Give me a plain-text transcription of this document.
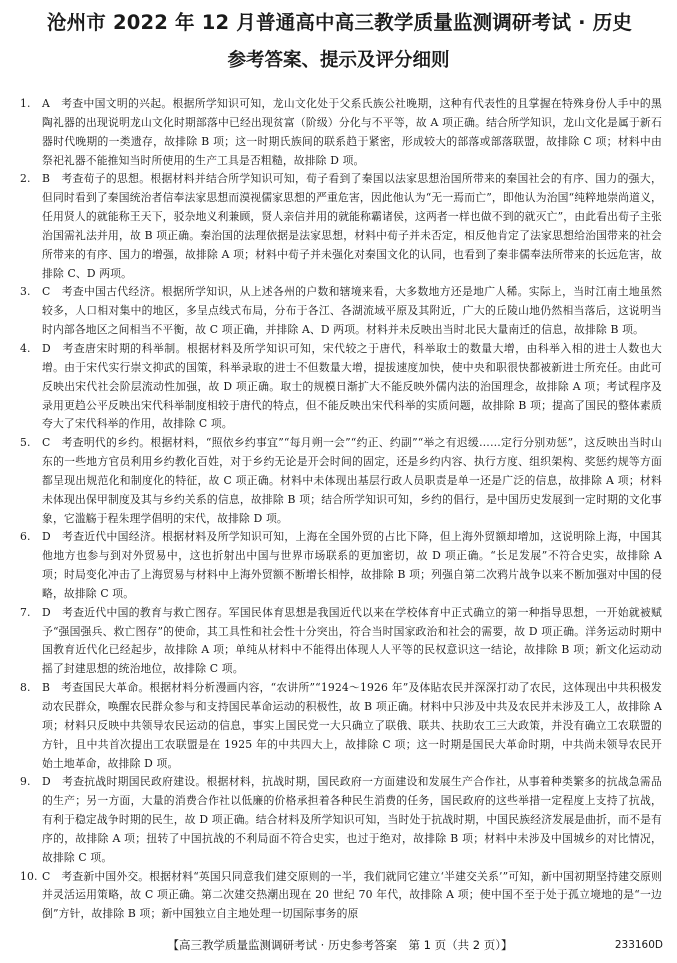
沧州市 2022 年 12 月普通高中高三教学质量监测调研考试 · 历史
参考答案、提示及评分细则
1.	A　考查中国文明的兴起。根据所学知识可知，龙山文化处于父系氏族公社晚期，这种有代表性的且掌握在特殊身份人手中的黑陶礼器的出现说明龙山文化时期部落中已经出现贫富（阶级）分化与不平等，故 A 项正确。结合所学知识，龙山文化是属于新石器时代晚期的一类遗存，故排除 B 项；这一时期氏族间的联系趋于紧密，形成较大的部落或部落联盟，故排除 C 项；材料中由祭祀礼器不能推知当时所使用的生产工具是否粗糙，故排除 D 项。
2.	B　考查荀子的思想。根据材料并结合所学知识可知，荀子看到了秦国以法家思想治国所带来的秦国社会的有序、国力的强大，但同时看到了秦国统治者信奉法家思想而漠视儒家思想的严重危害，因此他认为“无一焉而亡”，即他认为治国“纯粹地崇尚道义，任用贤人的就能称王天下，驳杂地义利兼顾，贤人亲信并用的就能称霸诸侯，这两者一样也做不到的就灭亡”，由此看出荀子主张治国需礼法并用，故 B 项正确。秦治国的法理依据是法家思想，材料中荀子并未否定，相反他肯定了法家思想给治国带来的社会所带来的有序、国力的增强，故排除 A 项；材料中荀子并未强化对秦国文化的认同，也看到了秦非儒奉法所带来的长远危害，故排除 C、D 两项。
3.	C　考查中国古代经济。根据所学知识，从上述各州的户数和辖境来看，大多数地方还是地广人稀。实际上，当时江南土地虽然较多，人口相对集中的地区，多呈点线式布局，分布于各江、各湖流域平原及其附近，广大的丘陵山地仍然相当落后，这说明当时内部各地区之间相当不平衡，故 C 项正确，并排除 A、D 两项。材料并未反映出当时北民大量南迁的信息，故排除 B 项。
4.	D　考查唐宋时期的科举制。根据材料及所学知识可知，宋代较之于唐代，科举取士的数量大增，由科举入相的进士人数也大增。由于宋代实行崇文抑武的国策，科举录取的进士不但数量大增，提拔速度加快，使中央和职很快都被新进士所充任。由此可反映出宋代社会阶层流动性加强，故 D 项正确。取士的规模日渐扩大不能反映外儒内法的治国理念，故排除 A 项；考试程序及录用更趋公平反映出宋代科举制度相较于唐代的特点，但不能反映出宋代科举的实质问题，故排除 B 项；提高了国民的整体素质夸大了宋代科举的作用，故排除 C 项。
5.	C　考查明代的乡约。根据材料，“照依乡约事宜”“每月朔一会”“约正、约副”“举之有迟缓……定行分别劝惩”，这反映出当时山东的一些地方官员利用乡约教化百姓，对于乡约无论是开会时间的固定，还是乡约内容、执行方度、组织架构、奖惩约规等方面都呈现出规范化和制度化的特征，故 C 项正确。材料中未体现出基层行政人员职责是单一还是广泛的信息，故排除 A 项；材料未体现出保甲制度及其与乡约关系的信息，故排除 B 项；结合所学知识可知，乡约的倡行，是中国历史发展到一定时期的文化事象，它滥觞于程朱理学倡明的宋代，故排除 D 项。
6.	D　考查近代中国经济。根据材料及所学知识可知，上海在全国外贸的占比下降，但上海外贸额却增加，这说明除上海，中国其他地方也参与到对外贸易中，这也折射出中国与世界市场联系的更加密切，故 D 项正确。“长足发展”不符合史实，故排除 A 项；时局变化冲击了上海贸易与材料中上海外贸额不断增长相悖，故排除 B 项；列强自第二次鸦片战争以来不断加强对中国的侵略，故排除 C 项。
7.	D　考查近代中国的教育与救亡图存。军国民体育思想是我国近代以来在学校体育中正式确立的第一种指导思想，一开始就被赋予“强国强兵、救亡图存”的使命，其工具性和社会性十分突出，符合当时国家政治和社会的需要，故 D 项正确。洋务运动时期中国教育近代化已经起步，故排除 A 项；单纯从材料中不能得出体现人人平等的民权意识这一结论，故排除 B 项；新文化运动动摇了封建思想的统治地位，故排除 C 项。
8.	B　考查国民大革命。根据材料分析漫画内容，“农讲所”“1924～1926 年”及体貼农民并深深打动了农民，这体现出中共积极发动农民群众，唤醒农民群众参与和支持国民革命运动的积极性，故 B 项正确。材料中只涉及中共及农民并未涉及工人，故排除 A 项；材料只反映中共领导农民运动的信息，事实上国民党一大只确立了联俄、联共、扶助农工三大政策，并没有确立工农联盟的方针，且中共首次提出工农联盟是在 1925 年的中共四大上，故排除 C 项；这一时期是国民大革命时期，中共尚未领导农民开始土地革命，故排除 D 项。
9.	D　考查抗战时期国民政府建设。根据材料，抗战时期，国民政府一方面建设和发展生产合作社，从事着种类繁多的抗战急需品的生产；另一方面，大量的消费合作社以低廉的价格承担着各种民生消费的任务，国民政府的这些举措一定程度上支持了抗战，有利于稳定战争时期的民生，故 D 项正确。结合材料及所学知识可知，当时处于抗战时期，中国民族经济发展是曲折，而不是有序的，故排除 A 项；扭转了中国抗战的不利局面不符合史实，也过于绝对，故排除 B 项；材料中未涉及中国城乡的对比情况，故排除 C 项。
10. C　考查新中国外交。根据材料“英国只同意我们建交原则的一半，我们就同它建立‘半建交关系’”可知，新中国初期坚持建交原则并灵活运用策略，故 C 项正确。第二次建交热潮出现在 20 世纪 70 年代，故排除 A 项；使中国不至于处于孤立境地的是“一边倒”方针，故排除 B 项；新中国独立自主地处理一切国际事务的原
【高三教学质量监测调研考试 · 历史参考答案　第 1 页（共 2 页）】	233160D
